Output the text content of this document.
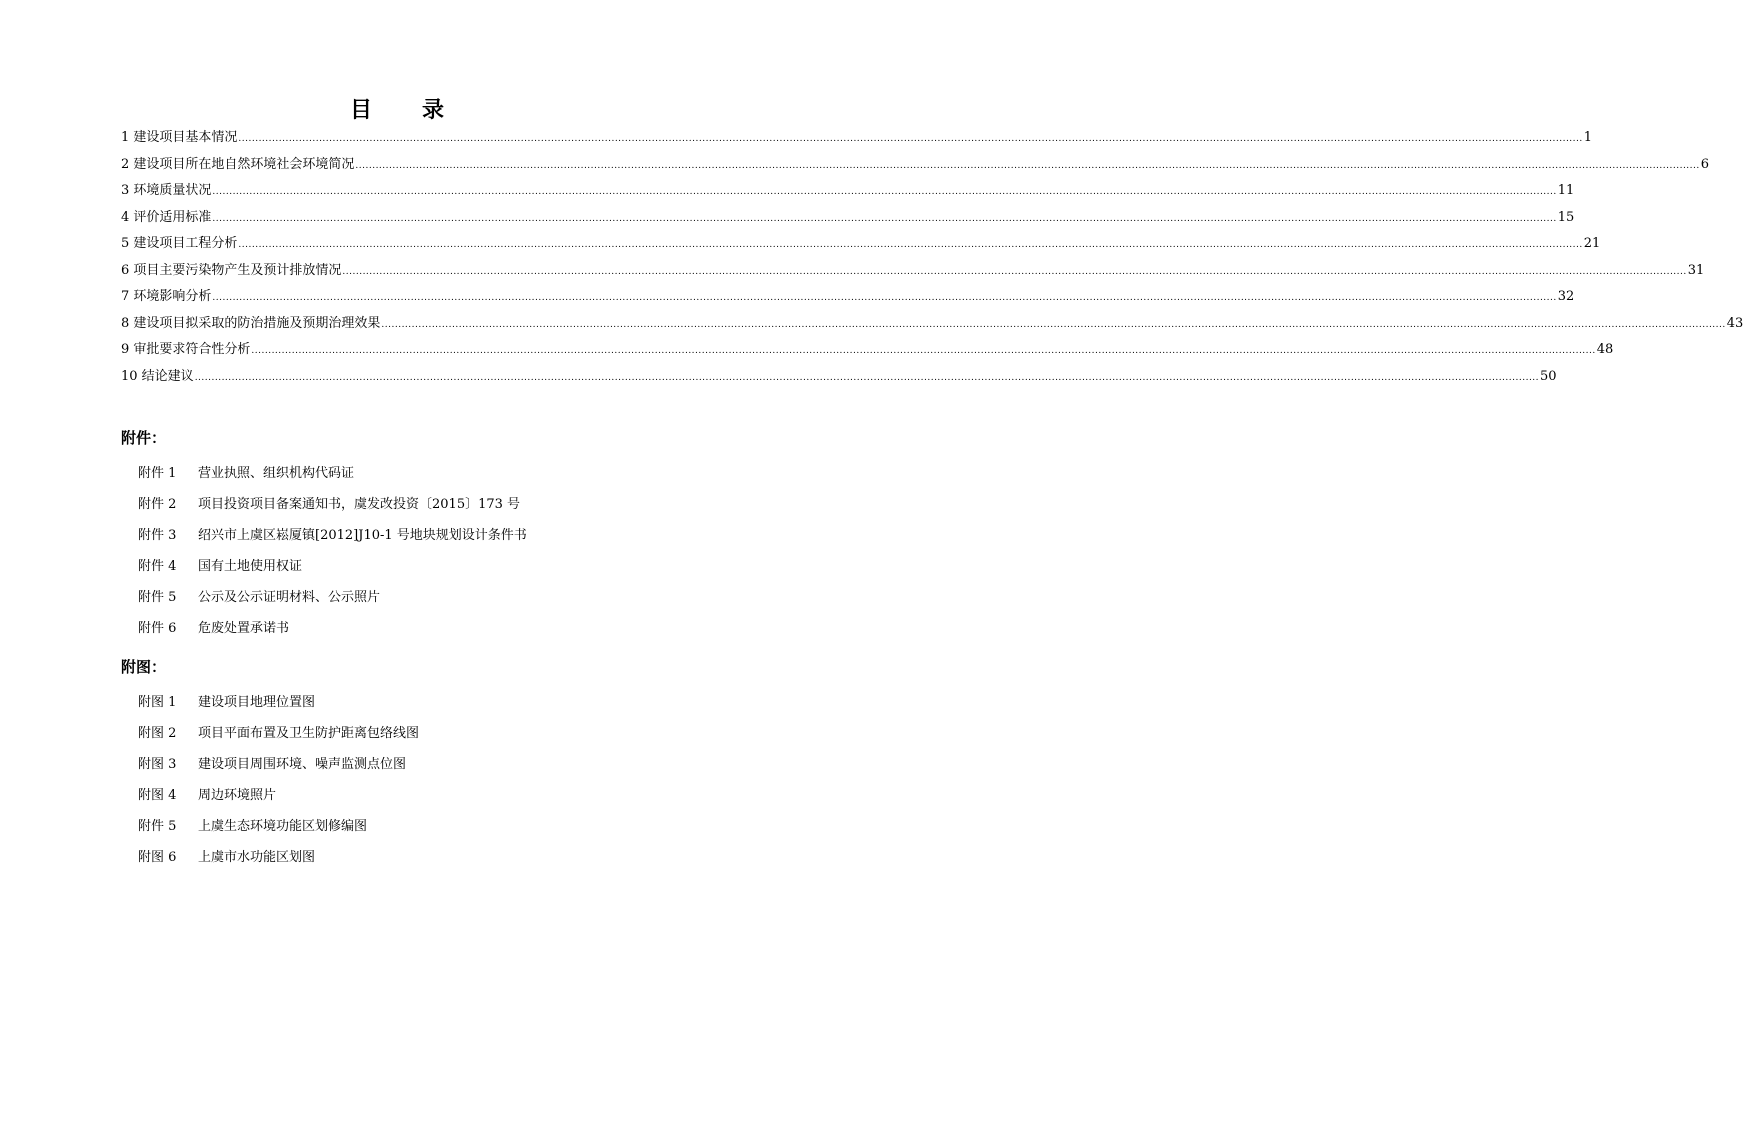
目 录
1 建设项目基本情况 ................................................................................................................................................................................................................................................................................................................................................................................................................ 1
2 建设项目所在地自然环境社会环境简况 ................................................................................................................................................................................................................................................................................................................................................................................................................ 6
3 环境质量状况 ................................................................................................................................................................................................................................................................................................................................................................................................................ 11
4 评价适用标准 ................................................................................................................................................................................................................................................................................................................................................................................................................ 15
5 建设项目工程分析 ................................................................................................................................................................................................................................................................................................................................................................................................................ 21
6 项目主要污染物产生及预计排放情况 ................................................................................................................................................................................................................................................................................................................................................................................................................ 31
7 环境影响分析 ................................................................................................................................................................................................................................................................................................................................................................................................................ 32
8 建设项目拟采取的防治措施及预期治理效果 ................................................................................................................................................................................................................................................................................................................................................................................................................ 43
9 审批要求符合性分析 ................................................................................................................................................................................................................................................................................................................................................................................................................ 48
10 结论建议 ................................................................................................................................................................................................................................................................................................................................................................................................................ 50
附件：
附件 1 营业执照、组织机构代码证
附件 2 项目投资项目备案通知书，虞发改投资〔2015〕173 号
附件 3 绍兴市上虞区崧厦镇[2012]J10-1 号地块规划设计条件书
附件 4 国有土地使用权证
附件 5 公示及公示证明材料、公示照片
附件 6 危废处置承诺书
附图：
附图 1 建设项目地理位置图
附图 2 项目平面布置及卫生防护距离包络线图
附图 3 建设项目周围环境、噪声监测点位图
附图 4 周边环境照片
附件 5 上虞生态环境功能区划修编图
附图 6 上虞市水功能区划图
